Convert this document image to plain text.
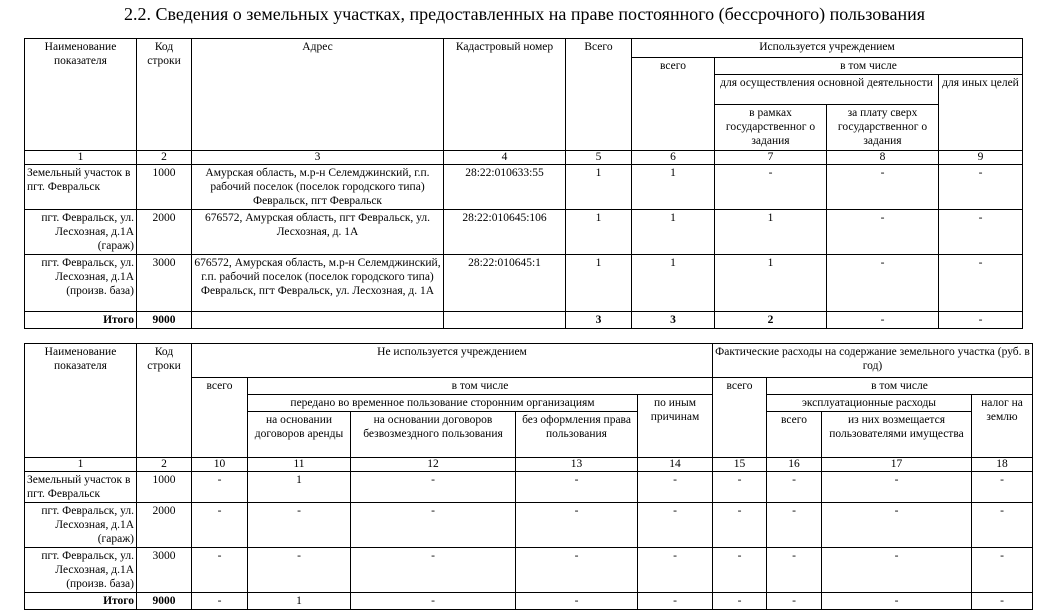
2.2. Сведения о земельных участках, предоставленных на праве постоянного (бессрочного) пользования
Наименование показателя	Код строки	Адрес	Кадастровый номер	Всего	Используется учреждением			
					всего	в том числе		
						для осуществления основной деятельности		для иных целей
						в рамках государственног о задания	за плату сверх государственног о задания	
1	2	3	4	5	6	7	8	9
Земельный участок в пгт. Февральск	1000	Амурская область, м.р-н Селемджинский, г.п. рабочий поселок (поселок городского типа) Февральск, пгт Февральск	28:22:010633:55	1	1	-	-	-
пгт. Февральск, ул. Лесхозная, д.1А (гараж)	2000	676572, Амурская область, пгт Февральск, ул. Лесхозная, д. 1А	28:22:010645:106	1	1	1	-	-
пгт. Февральск, ул. Лесхозная, д.1А (произв. база)	3000	676572, Амурская область, м.р-н Селемджинский, г.п. рабочий поселок (поселок городского типа) Февральск, пгт Февральск, ул. Лесхозная, д. 1А	28:22:010645:1	1	1	1	-	-
Итого	9000			3	3	2	-	-
Наименование показателя	Код строки	Не используется учреждением					Фактические расходы на содержание земельного участка (руб. в год)			
		всего	в том числе				всего	в том числе		
			передано во временное пользование сторонним организациям			по иным причинам		эксплуатационные расходы		налог на землю
			на основании договоров аренды	на основании договоров безвозмездного пользования	без оформления права пользования			всего	из них возмещается пользователями имущества	
1	2	10	11	12	13	14	15	16	17	18
Земельный участок в пгт. Февральск	1000	-	1	-	-	-	-	-	-	-
пгт. Февральск, ул. Лесхозная, д.1А (гараж)	2000	-	-	-	-	-	-	-	-	-
пгт. Февральск, ул. Лесхозная, д.1А (произв. база)	3000	-	-	-	-	-	-	-	-	-
Итого	9000	-	1	-	-	-	-	-	-	-
